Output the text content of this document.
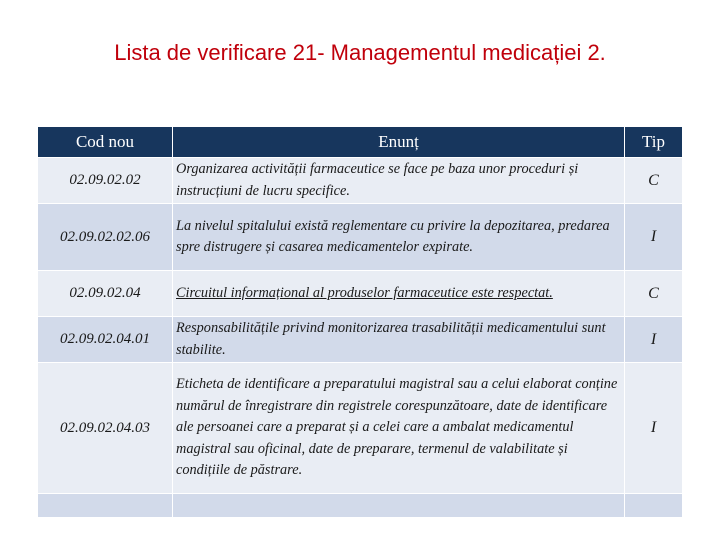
Lista de verificare 21- Managementul medicației 2.
Cod nou	Enunț	Tip
02.09.02.02	Organizarea activității farmaceutice se face pe baza unor proceduri și instrucțiuni de lucru specifice.	C
02.09.02.02.06	La nivelul spitalului există reglementare cu privire la depozitarea, predarea spre distrugere și casarea medicamentelor expirate.	I
02.09.02.04	Circuitul informațional al produselor farmaceutice este respectat.	C
02.09.02.04.01	Responsabilitățile privind monitorizarea trasabilității medicamentului sunt stabilite.	I
02.09.02.04.03	Eticheta de identificare a preparatului magistral sau a celui elaborat conține numărul de înregistrare din registrele corespunzătoare, date de identificare ale persoanei care a preparat și a celei care a ambalat medicamentul magistral sau oficinal, date de preparare, termenul de valabilitate și condițiile de păstrare.	I
